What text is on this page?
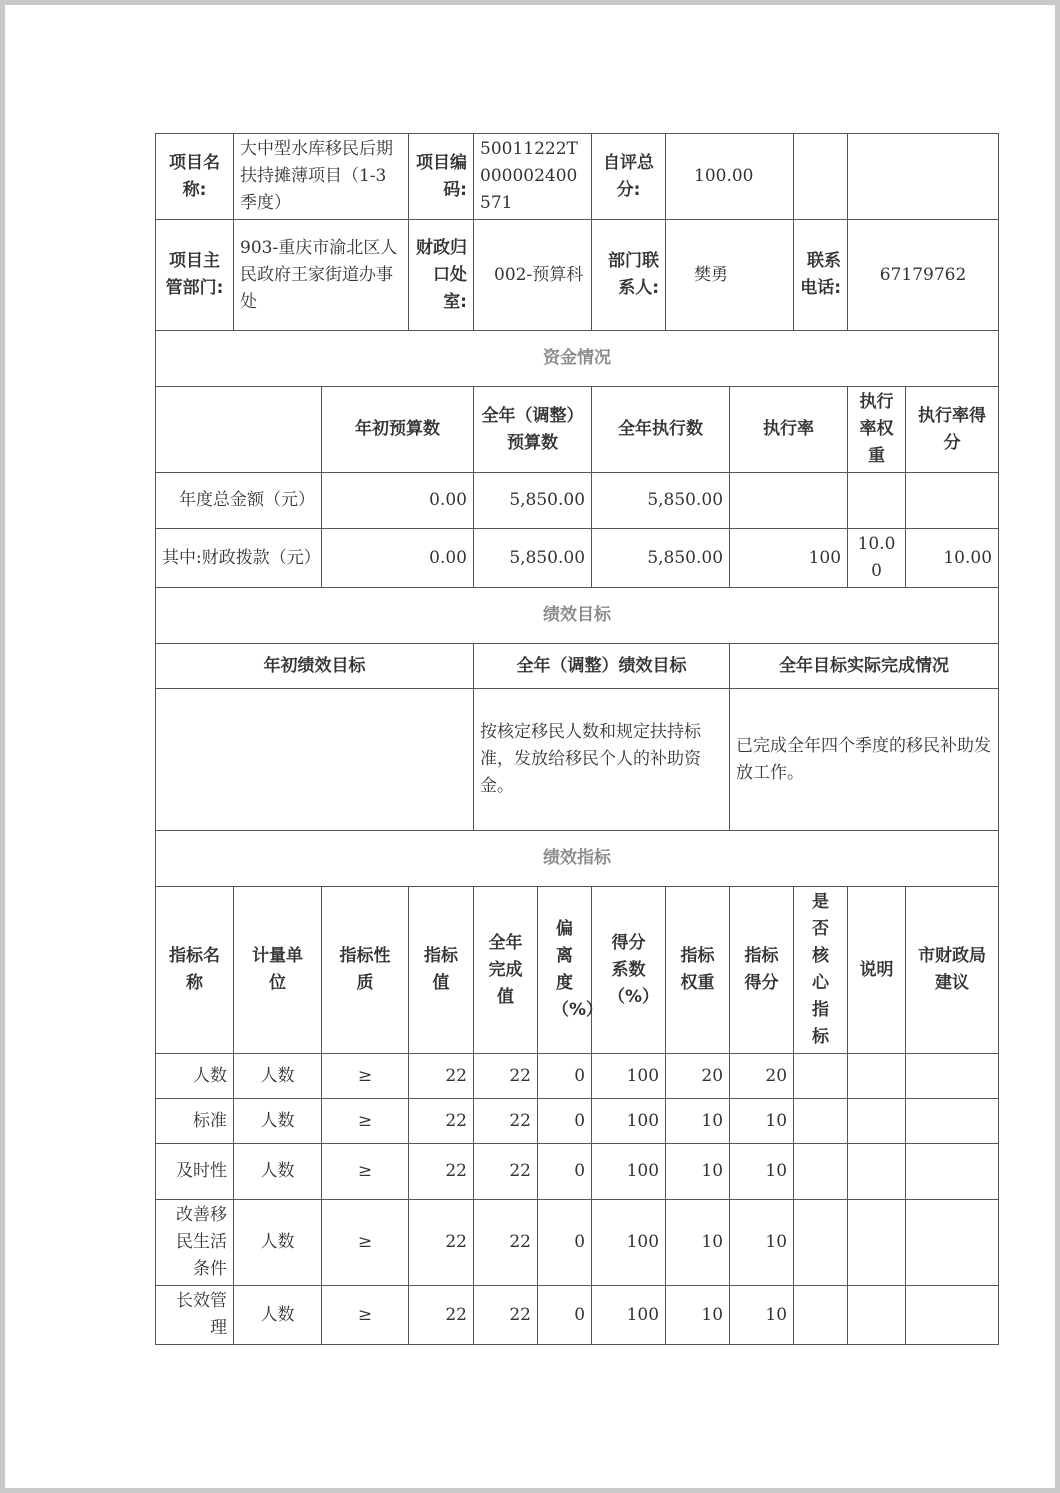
项目名称:	大中型水库移民后期扶持摊薄项目（1-3 季度）		项目编码:	50011222T000002400571		自评总分:	100.00				
项目主管部门:	903-重庆市渝北区人民政府王家街道办事处		财政归口处室:	002-预算科		部门联系人:	樊勇		联系电话:	67179762	
资金情况											
		年初预算数		全年（调整）预算数		全年执行数		执行率		执行率权重	执行率得分
年度总金额（元）		0.00		5,850.00		5,850.00					
其中:财政拨款（元）		0.00		5,850.00		5,850.00		100		10.00	10.00
绩效目标											
年初绩效目标				全年（调整）绩效目标				全年目标实际完成情况			
				按核定移民人数和规定扶持标准，发放给移民个人的补助资金。				已完成全年四个季度的移民补助发放工作。			
绩效指标											
指标名称	计量单位	指标性质	指标值	全年完成值	偏离度（%）	得分系数（%）	指标权重	指标得分	是否核心指标	说明	市财政局建议
人数	人数	≥	22	22	0	100	20	20			
标准	人数	≥	22	22	0	100	10	10			
及时性	人数	≥	22	22	0	100	10	10			
改善移民生活条件	人数	≥	22	22	0	100	10	10			
长效管理	人数	≥	22	22	0	100	10	10			
